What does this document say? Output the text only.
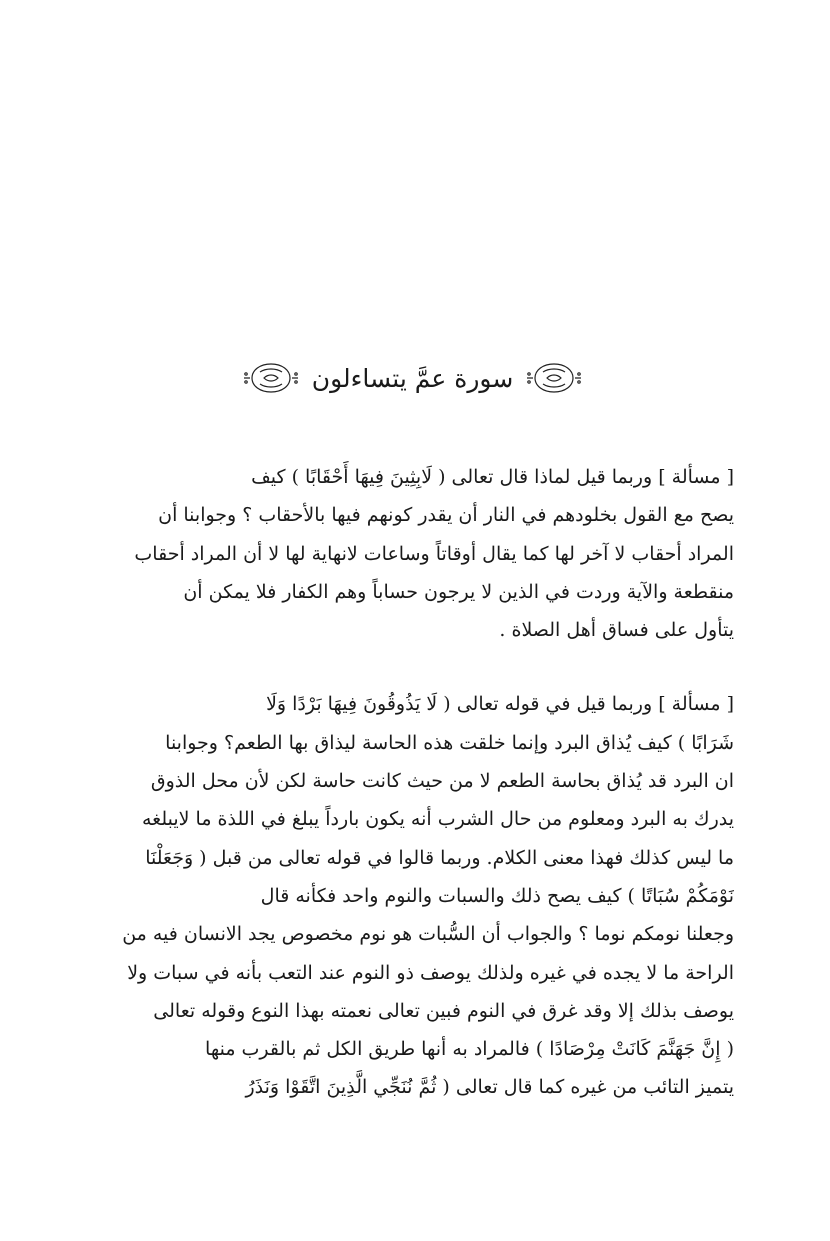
سورة عمَّ يتساءلون
[ مسألة ] وربما قيل لماذا قال تعالى ( لَابِثِينَ فِيهَا أَحْقَابًا ) كيف
يصح مع القول بخلودهم في النار أن يقدر كونهم فيها بالأحقاب ؟ وجوابنا أن
المراد أحقاب لا آخر لها كما يقال أوقاتاً وساعات لانهاية لها لا أن المراد أحقاب
منقطعة والآية وردت في الذين لا يرجون حساباً وهم الكفار فلا يمكن أن
يتأول على فساق أهل الصلاة .
[ مسألة ] وربما قيل في قوله تعالى ( لَا يَذُوقُونَ فِيهَا بَرْدًا وَلَا
شَرَابًا ) كيف يُذاق البرد وإنما خلقت هذه الحاسة ليذاق بها الطعم؟ وجوابنا
ان البرد قد يُذاق بحاسة الطعم لا من حيث كانت حاسة لكن لأن محل الذوق
يدرك به البرد ومعلوم من حال الشرب أنه يكون بارداً يبلغ في اللذة ما لايبلغه
ما ليس كذلك فهذا معنى الكلام. وربما قالوا في قوله تعالى من قبل ( وَجَعَلْنَا
نَوْمَكُمْ سُبَاتًا ) كيف يصح ذلك والسبات والنوم واحد فكأنه قال
وجعلنا نومكم نوما ؟ والجواب أن السُّبات هو نوم مخصوص يجد الانسان فيه من
الراحة ما لا يجده في غيره ولذلك يوصف ذو النوم عند التعب بأنه في سبات ولا
يوصف بذلك إلا وقد غرق في النوم فبين تعالى نعمته بهذا النوع وقوله تعالى
( إِنَّ جَهَنَّمَ كَانَتْ مِرْصَادًا ) فالمراد به أنها طريق الكل ثم بالقرب منها
يتميز التائب من غيره كما قال تعالى ( ثُمَّ نُنَجِّي الَّذِينَ اتَّقَوْا وَنَذَرُ
